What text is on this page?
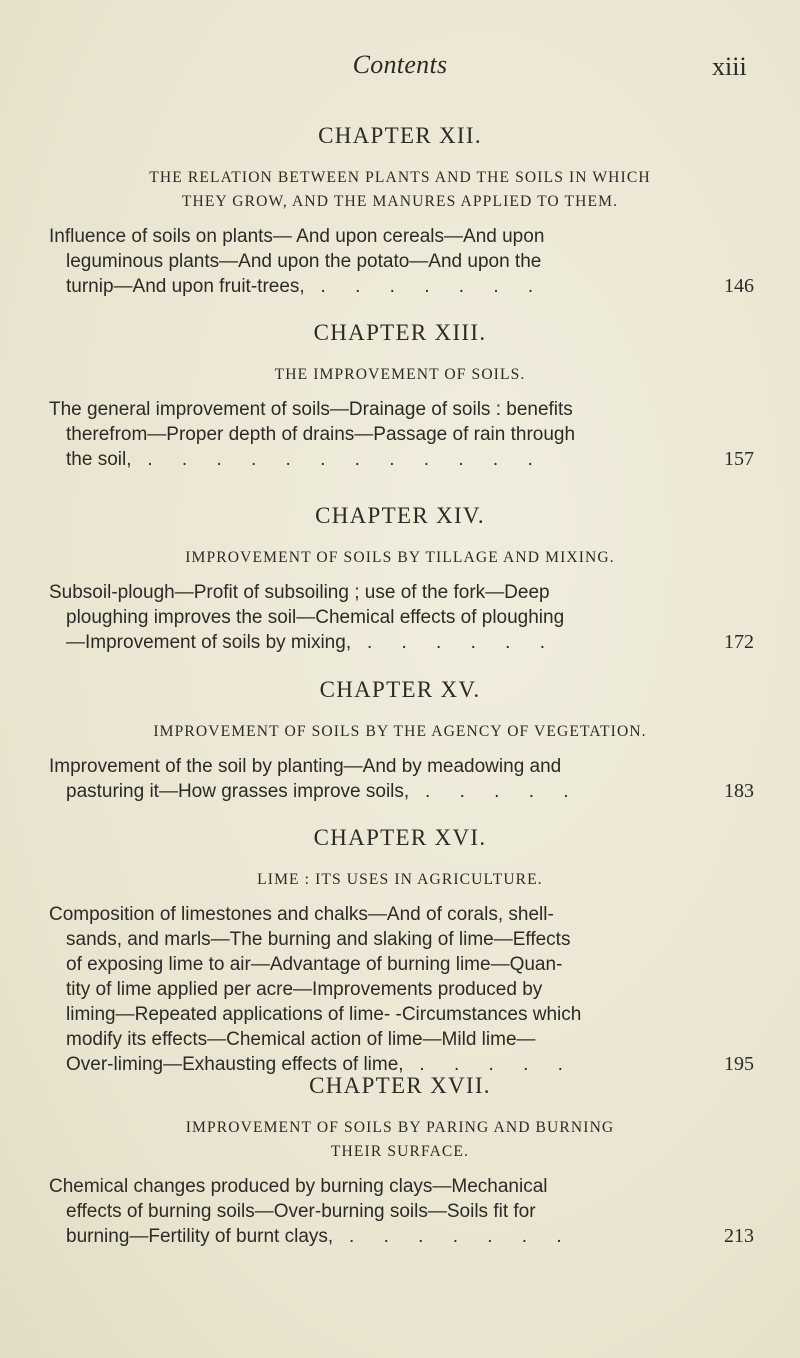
Contents	xiii
CHAPTER XII.
THE RELATION BETWEEN PLANTS AND THE SOILS IN WHICH
THEY GROW, AND THE MANURES APPLIED TO THEM.
Influence of soils on plants— And upon cereals—And upon
leguminous plants—And upon the potato—And upon the
turnip—And upon fruit-trees, . . . . . . .	146
CHAPTER XIII.
THE IMPROVEMENT OF SOILS.
The general improvement of soils—Drainage of soils : benefits
therefrom—Proper depth of drains—Passage of rain through
the soil, . . . . . . . . . . . .	157
CHAPTER XIV.
IMPROVEMENT OF SOILS BY TILLAGE AND MIXING.
Subsoil-plough—Profit of subsoiling ; use of the fork—Deep
ploughing improves the soil—Chemical effects of ploughing
—Improvement of soils by mixing, . . . . . .	172
CHAPTER XV.
IMPROVEMENT OF SOILS BY THE AGENCY OF VEGETATION.
Improvement of the soil by planting—And by meadowing and
pasturing it—How grasses improve soils, . . . . .	183
CHAPTER XVI.
LIME : ITS USES IN AGRICULTURE.
Composition of limestones and chalks—And of corals, shell-
sands, and marls—The burning and slaking of lime—Effects
of exposing lime to air—Advantage of burning lime—Quan-
tity of lime applied per acre—Improvements produced by
liming—Repeated applications of lime- -Circumstances which
modify its effects—Chemical action of lime—Mild lime—
Over-liming—Exhausting effects of lime, . . . . .	195
CHAPTER XVII.
IMPROVEMENT OF SOILS BY PARING AND BURNING
THEIR SURFACE.
Chemical changes produced by burning clays—Mechanical
effects of burning soils—Over-burning soils—Soils fit for
burning—Fertility of burnt clays, . . . . . . .	213
